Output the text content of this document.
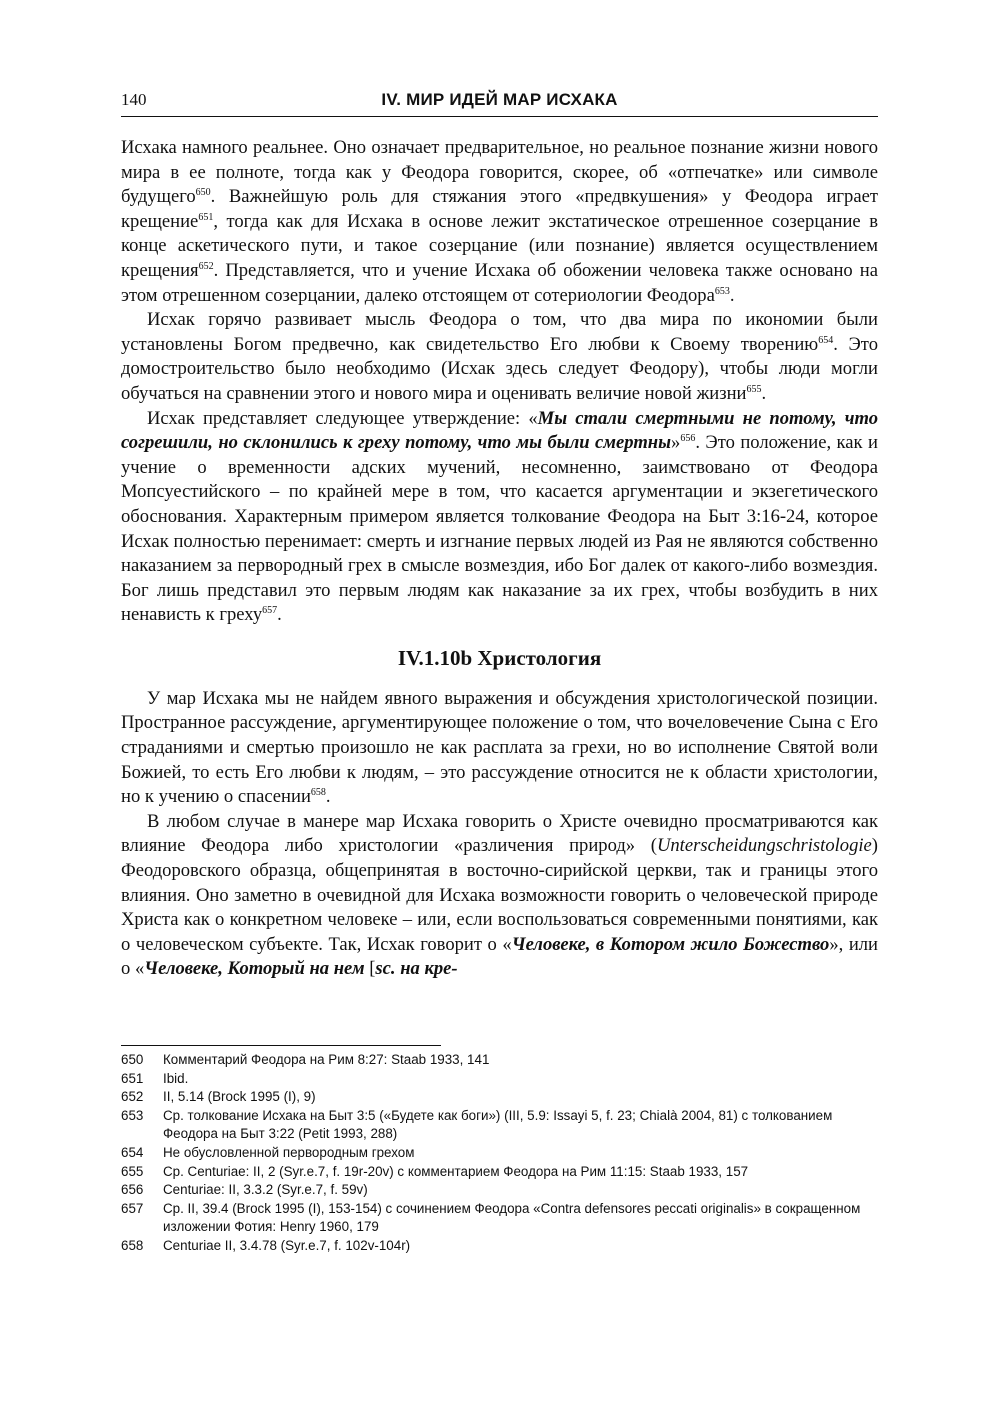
140	IV. МИР ИДЕЙ МАР ИСХАКА

Исхака намного реальнее. Оно означает предварительное, но реальное познание жизни нового мира в ее полноте, тогда как у Феодора говорится, скорее, об «отпечатке» или символе будущего$^{650}$. Важнейшую роль для стяжания этого «предвкушения» у Феодора играет крещение$^{651}$, тогда как для Исхака в основе лежит экстатическое отрешенное созерцание в конце аскетического пути, и такое созерцание (или познание) является осуществлением крещения$^{652}$. Представляется, что и учение Исхака об обожении человека также основано на этом отрешенном созерцании, далеко отстоящем от сотериологии Феодора$^{653}$.

Исхак горячо развивает мысль Феодора о том, что два мира по икономии были установлены Богом предвечно, как свидетельство Его любви к Своему творению$^{654}$. Это домостроительство было необходимо (Исхак здесь следует Феодору), чтобы люди могли обучаться на сравнении этого и нового мира и оценивать величие новой жизни$^{655}$.

Исхак представляет следующее утверждение: «Мы стали смертными не потому, что согрешили, но склонились к греху потому, что мы были смертны»$^{656}$. Это положение, как и учение о временности адских мучений, несомненно, заимствовано от Феодора Мопсуестийского – по крайней мере в том, что касается аргументации и экзегетического обоснования. Характерным примером является толкование Феодора на Быт 3:16-24, которое Исхак полностью перенимает: смерть и изгнание первых людей из Рая не являются собственно наказанием за первородный грех в смысле возмездия, ибо Бог далек от какого-либо возмездия. Бог лишь представил это первым людям как наказание за их грех, чтобы возбудить в них ненависть к греху$^{657}$.

IV.1.10b Христология

У мар Исхака мы не найдем явного выражения и обсуждения христологической позиции. Пространное рассуждение, аргументирующее положение о том, что вочеловечение Сына с Его страданиями и смертью произошло не как расплата за грехи, но во исполнение Святой воли Божией, то есть Его любви к людям, – это рассуждение относится не к области христологии, но к учению о спасении$^{658}$.

В любом случае в манере мар Исхака говорить о Христе очевидно просматриваются как влияние Феодора либо христологии «различения природ» (Unterscheidungschristologie) Феодоровского образца, общепринятая в восточно-сирийской церкви, так и границы этого влияния. Оно заметно в очевидной для Исхака возможности говорить о человеческой природе Христа как о конкретном человеке – или, если воспользоваться современными понятиями, как о человеческом субъекте. Так, Исхак говорит о «Человеке, в Котором жило Божество», или о «Человеке, Который на нем [sc. на кре-

650	Комментарий Феодора на Рим 8:27: Staab 1933, 141
651	Ibid.
652	II, 5.14 (Brock 1995 (I), 9)
653	Ср. толкование Исхака на Быт 3:5 («Будете как боги») (III, 5.9: Issayi 5, f. 23; Chialà 2004, 81) с толкованием Феодора на Быт 3:22 (Petit 1993, 288)
654	Не обусловленной первородным грехом
655	Ср. Centuriae: II, 2 (Syr.e.7, f. 19r-20v) с комментарием Феодора на Рим 11:15: Staab 1933, 157
656	Centuriae: II, 3.3.2 (Syr.e.7, f. 59v)
657	Ср. II, 39.4 (Brock 1995 (I), 153-154) с сочинением Феодора «Contra defensores peccati originalis» в сокращенном изложении Фотия: Henry 1960, 179
658	Centuriae II, 3.4.78 (Syr.e.7, f. 102v-104r)
